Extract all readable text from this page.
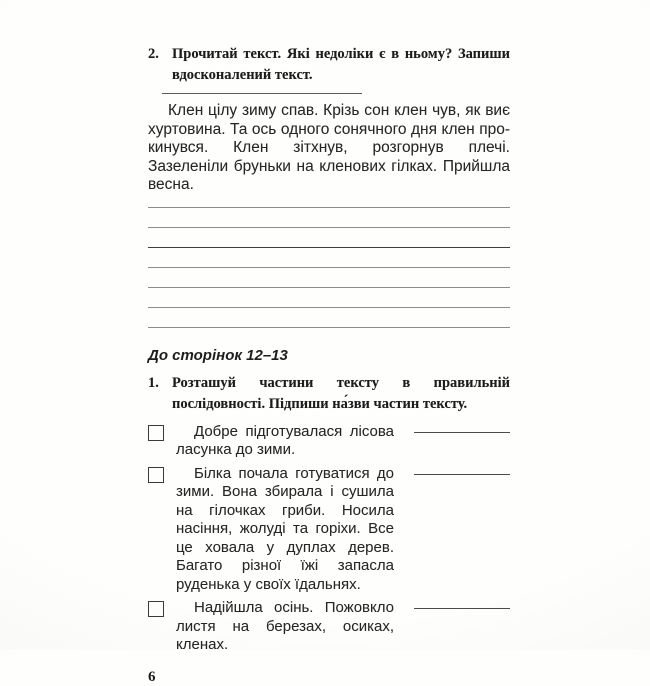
2. Прочитай текст. Які недоліки є в ньому? Запиши вдосконалений текст.

Клен цілу зиму спав. Крізь сон клен чув, як виє хуртовина. Та ось одного сонячного дня клен прокинувся. Клен зітхнув, розгорнув плечі. Зазеленіли бруньки на кленових гілках. Прийшла весна.

До сторінок 12–13
1. Розташуй частини тексту в правильній послідовності. Підпиши на́зви частин тексту.

Добре підготувалася лісова ласунка до зими.

Білка почала готуватися до зими. Вона збирала і сушила на гілочках гриби. Носила насіння, жолуді та горіхи. Все це ховала у дуплах дерев. Багато різної їжі запасла руденька у своїх їдальнях.

Надійшла осінь. Пожовкло листя на березах, осиках, кленах.

6
